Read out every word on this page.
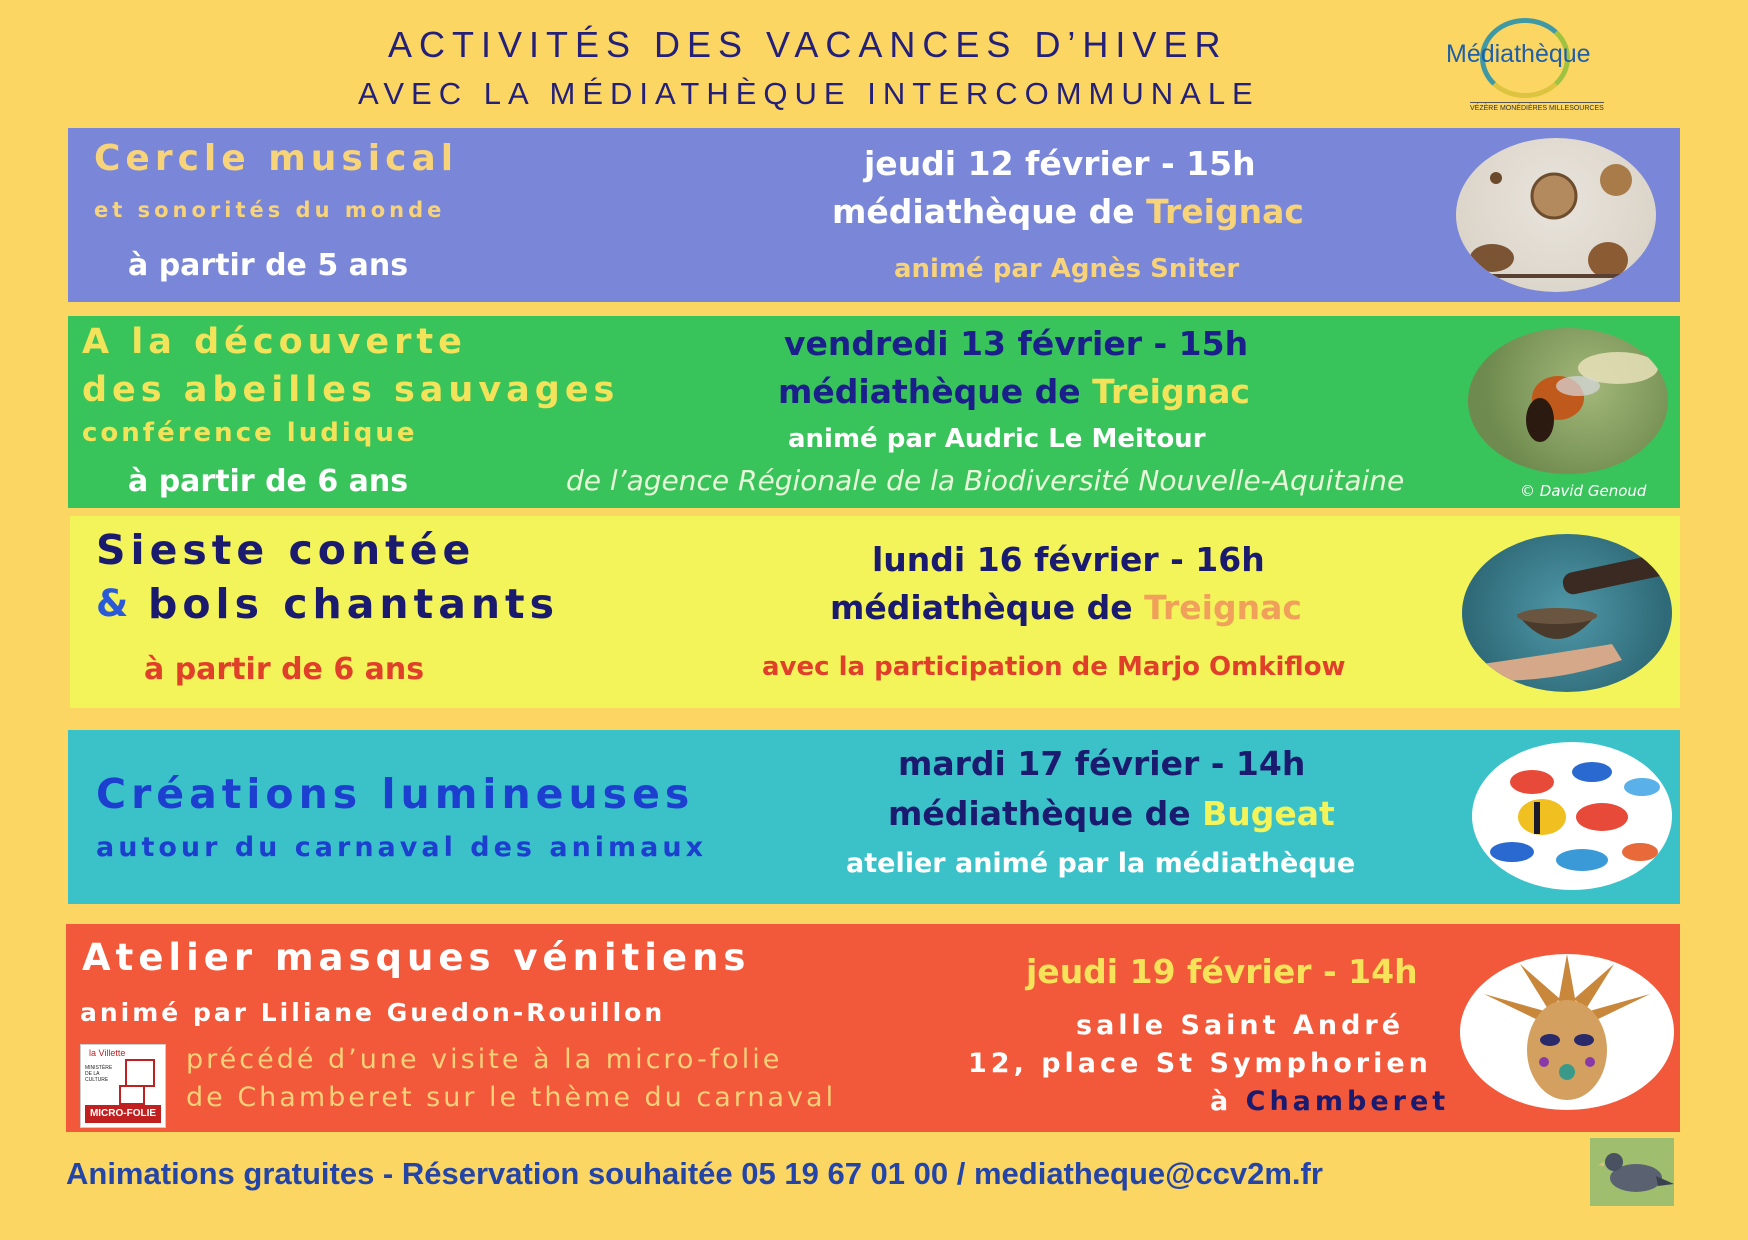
ACTIVITÉS DES VACANCES D’HIVER
AVEC LA MÉDIATHÈQUE INTERCOMMUNALE
Médiathèque
VÉZÈRE MONÉDIÈRES MILLESOURCES
Cercle musical
et sonorités du monde
à partir de 5 ans
jeudi 12 février - 15h
médiathèque de Treignac
animé par Agnès Sniter
A la découverte
des abeilles sauvages
conférence ludique
à partir de 6 ans
vendredi 13 février - 15h
médiathèque de Treignac
animé par Audric Le Meitour
de l’agence Régionale de la Biodiversité Nouvelle-Aquitaine	© David Genoud
Sieste contée
& bols chantants
à partir de 6 ans
lundi 16 février - 16h
médiathèque de Treignac
avec la participation de Marjo Omkiflow
Créations lumineuses
autour du carnaval des animaux
mardi 17 février - 14h
médiathèque de Bugeat
atelier animé par la médiathèque
Atelier masques vénitiens
animé par Liliane Guedon-Rouillon
la Villette
MINISTÈRE DE LA CULTURE
MICRO-FOLIE
précédé d’une visite à la micro-folie
de Chamberet sur le thème du carnaval
jeudi 19 février - 14h
salle Saint André
12, place St Symphorien
à Chamberet
Animations gratuites - Réservation souhaitée 05 19 67 01 00 / mediatheque@ccv2m.fr
